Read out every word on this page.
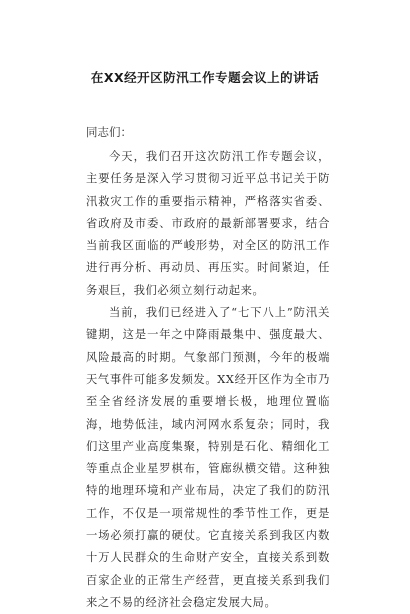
在XX经开区防汛工作专题会议上的讲话
同志们：

今天，我们召开这次防汛工作专题会议，主要任务是深入学习贯彻习近平总书记关于防汛救灾工作的重要指示精神，严格落实省委、省政府及市委、市政府的最新部署要求，结合当前我区面临的严峻形势，对全区的防汛工作进行再分析、再动员、再压实。时间紧迫，任务艰巨，我们必须立刻行动起来。

当前，我们已经进入了“七下八上”防汛关键期，这是一年之中降雨最集中、强度最大、风险最高的时期。气象部门预测，今年的极端天气事件可能多发频发。XX经开区作为全市乃至全省经济发展的重要增长极，地理位置临海，地势低洼，域内河网水系复杂；同时，我们这里产业高度集聚，特别是石化、精细化工等重点企业星罗棋布，管廊纵横交错。这种独特的地理环境和产业布局，决定了我们的防汛工作，不仅是一项常规性的季节性工作，更是一场必须打赢的硬仗。它直接关系到我区内数十万人民群众的生命财产安全，直接关系到数百家企业的正常生产经营，更直接关系到我们来之不易的经济社会稳定发展大局。
